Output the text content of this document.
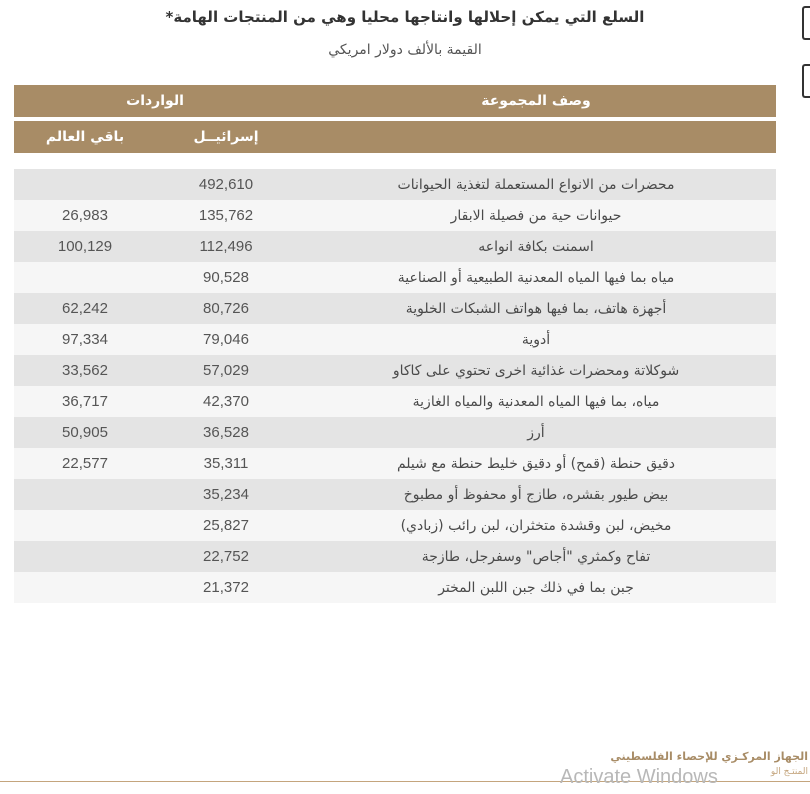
السلع التي يمكن إحلالها وانتاجها محليا وهي من المنتجات الهامة*
القيمة بالألف دولار امريكي
وصف المجموعة
الواردات
إسرائيــل
باقي العالم
محضرات من الانواع المستعملة لتغذية الحيوانات
492,610
حيوانات حية من فصيلة الابقار
135,762
26,983
اسمنت بكافة انواعه
112,496
100,129
مياه بما فيها المياه المعدنية الطبيعية أو الصناعية
90,528
أجهزة هاتف، بما فيها هواتف الشبكات الخلوية
80,726
62,242
أدوية
79,046
97,334
شوكلاتة ومحضرات غذائية اخرى تحتوي على كاكاو
57,029
33,562
مياه، بما فيها المياه المعدنية والمياه الغازية
42,370
36,717
أرز
36,528
50,905
دقيق حنطة (قمح) أو دقيق خليط حنطة مع شيلم
35,311
22,577
بيض طيور بقشره، طازج أو محفوظ أو مطبوخ
35,234
مخيض، لبن وقشدة متخثران، لبن رائب (زبادي)
25,827
تفاح وكمثري "أجاص" وسفرجل، طازجة
22,752
جبن بما في ذلك جبن اللبن المختر
21,372
الجهاز المركـزي للإحصاء الفلسطيني
المنتـج الو
Activate Windows
